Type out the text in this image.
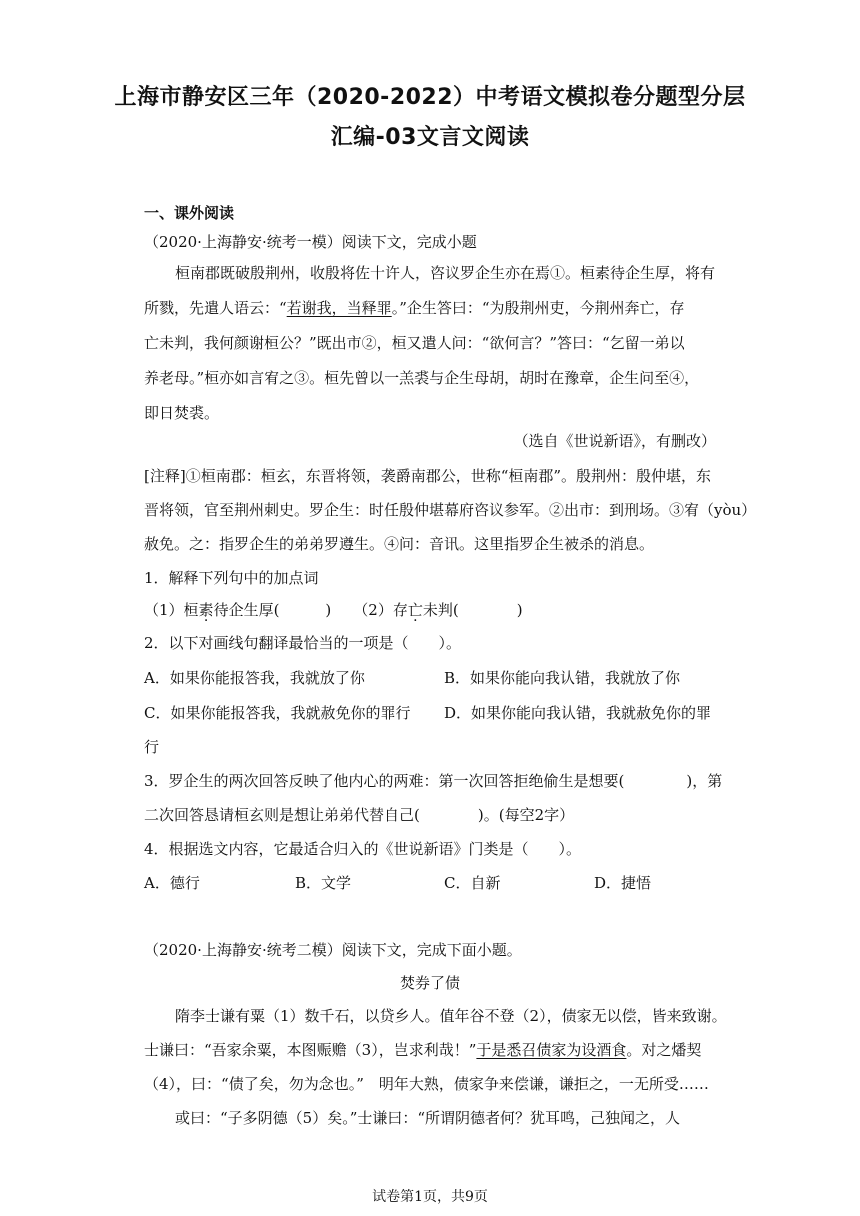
上海市静安区三年（2020-2022）中考语文模拟卷分题型分层
汇编-03文言文阅读
一、课外阅读
（2020·上海静安·统考一模）阅读下文，完成小题
桓南郡既破殷荆州，收殷将佐十许人，咨议罗企生亦在焉①。桓素待企生厚，将有
所戮，先遣人语云：“若谢我，当释罪。”企生答曰：“为殷荆州吏，今荆州奔亡，存
亡未判，我何颜谢桓公？”既出市②，桓又遣人问：“欲何言？”答曰：“乞留一弟以
养老母。”桓亦如言宥之③。桓先曾以一羔裘与企生母胡，胡时在豫章，企生问至④，
即日焚裘。
（选自《世说新语》，有删改）
[注释]①桓南郡：桓玄，东晋将领，袭爵南郡公，世称“桓南郡”。殷荆州：殷仲堪，东
晋将领，官至荆州刺史。罗企生：时任殷仲堪幕府咨议参军。②出市：到刑场。③宥（yòu）
赦免。之：指罗企生的弟弟罗遵生。④问：音讯。这里指罗企生被杀的消息。
1．解释下列句中的加点词
（1）桓素待企生厚(	) （2）存亡未判(	)
2．以下对画线句翻译最恰当的一项是（　　）。
A．如果你能报答我，我就放了你	B．如果你能向我认错，我就放了你
C．如果你能报答我，我就赦免你的罪行 D．如果你能向我认错，我就赦免你的罪
行
3．罗企生的两次回答反映了他内心的两难：第一次回答拒绝偷生是想要(	)，第
二次回答恳请桓玄则是想让弟弟代替自己(	)。(每空2字）
4．根据选文内容，它最适合归入的《世说新语》门类是（　　）。
A．德行	B．文学	C．自新	D．捷悟
（2020·上海静安·统考二模）阅读下文，完成下面小题。
焚券了债
隋李士谦有粟（1）数千石，以贷乡人。值年谷不登（2），债家无以偿，皆来致谢。
士谦曰：“吾家余粟，本图赈赡（3），岂求利哉！”于是悉召债家为设酒食。对之燔契
（4），曰：“债了矣，勿为念也。”　明年大熟，债家争来偿谦，谦拒之，一无所受……
或曰：“子多阴德（5）矣。”士谦曰：“所谓阴德者何？犹耳鸣，己独闻之，人
试卷第1页，共9页
